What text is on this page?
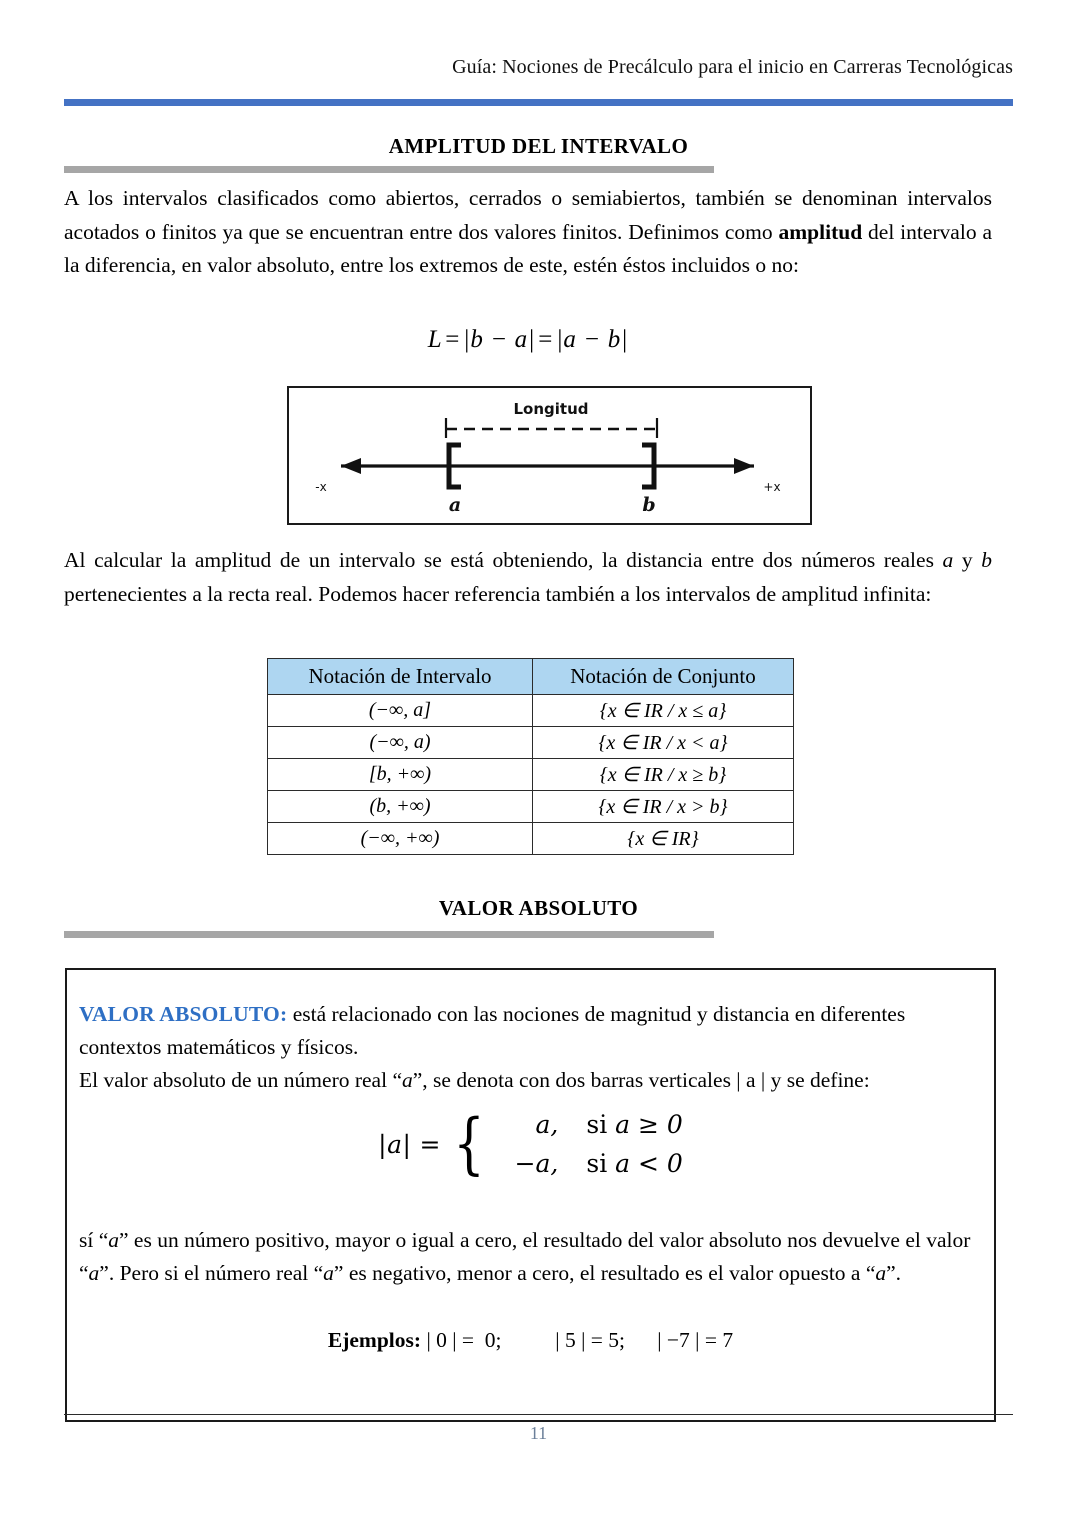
Guía: Nociones de Precálculo para el inicio en Carreras Tecnológicas
AMPLITUD DEL INTERVALO
A los intervalos clasificados como abiertos, cerrados o semiabiertos, también se denominan intervalos acotados o finitos ya que se encuentran entre dos valores finitos. Definimos como amplitud del intervalo a la diferencia, en valor absoluto, entre los extremos de este, estén éstos incluidos o no:
L = |b − a| = |a − b|
Longitud
-x	+x
a	b
Al calcular la amplitud de un intervalo se está obteniendo, la distancia entre dos números reales a y b pertenecientes a la recta real. Podemos hacer referencia también a los intervalos de amplitud infinita:
Notación de Intervalo	Notación de Conjunto
(−∞, a]	{x ∈ IR / x ≤ a}
(−∞, a)	{x ∈ IR / x < a}
[b, +∞)	{x ∈ IR / x ≥ b}
(b, +∞)	{x ∈ IR / x > b}
(−∞, +∞)	{x ∈ IR}
VALOR ABSOLUTO
VALOR ABSOLUTO: está relacionado con las nociones de magnitud y distancia en diferentes contextos matemáticos y físicos.
El valor absoluto de un número real “a”, se denota con dos barras verticales | a | y se define:
|a| = {	a,	si a ≥ 0
−a,	si a < 0
sí “a” es un número positivo, mayor o igual a cero, el resultado del valor absoluto nos devuelve el valor “a”. Pero si el número real “a” es negativo, menor a cero, el resultado es el valor opuesto a “a”.
Ejemplos: | 0 | =  0;          | 5 | = 5;      | −7 | = 7
11
